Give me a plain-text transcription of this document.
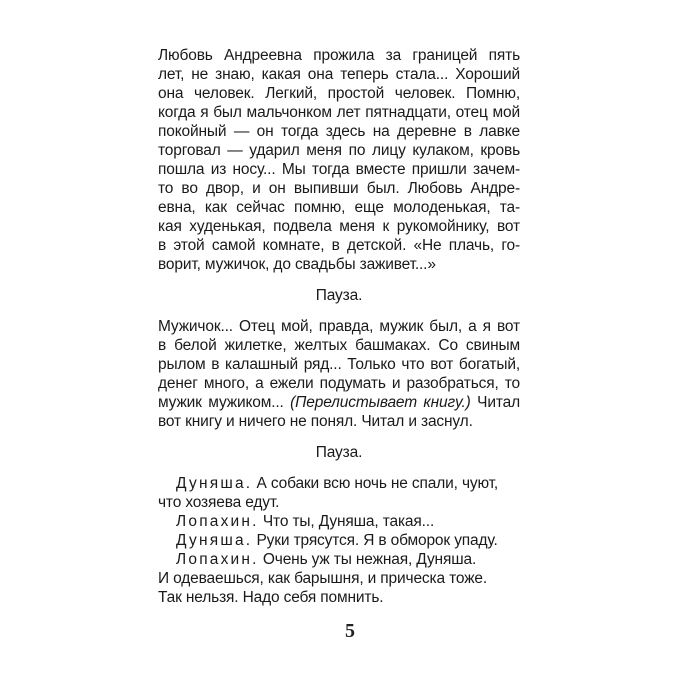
Любовь Андреевна прожила за границей пять
лет, не знаю, какая она теперь стала... Хороший
она человек. Легкий, простой человек. Помню,
когда я был мальчонком лет пятнадцати, отец мой
покойный — он тогда здесь на деревне в лавке
торговал — ударил меня по лицу кулаком, кровь
пошла из носу... Мы тогда вместе пришли зачем-
то во двор, и он выпивши был. Любовь Андре-
евна, как сейчас помню, еще молоденькая, та-
кая худенькая, подвела меня к рукомойнику, вот
в этой самой комнате, в детской. «Не плачь, го-
ворит, мужичок, до свадьбы заживет...»
Пауза.
Мужичок... Отец мой, правда, мужик был, а я вот
в белой жилетке, желтых башмаках. Со свиным
рылом в калашный ряд... Только что вот богатый,
денег много, а ежели подумать и разобраться, то
мужик мужиком... (Перелистывает книгу.) Читал
вот книгу и ничего не понял. Читал и заснул.
Пауза.
Дуняша. А собаки всю ночь не спали, чуют,
что хозяева едут.
Лопахин. Что ты, Дуняша, такая...
Дуняша. Руки трясутся. Я в обморок упаду.
Лопахин. Очень уж ты нежная, Дуняша.
И одеваешься, как барышня, и прическа тоже.
Так нельзя. Надо себя помнить.
5
